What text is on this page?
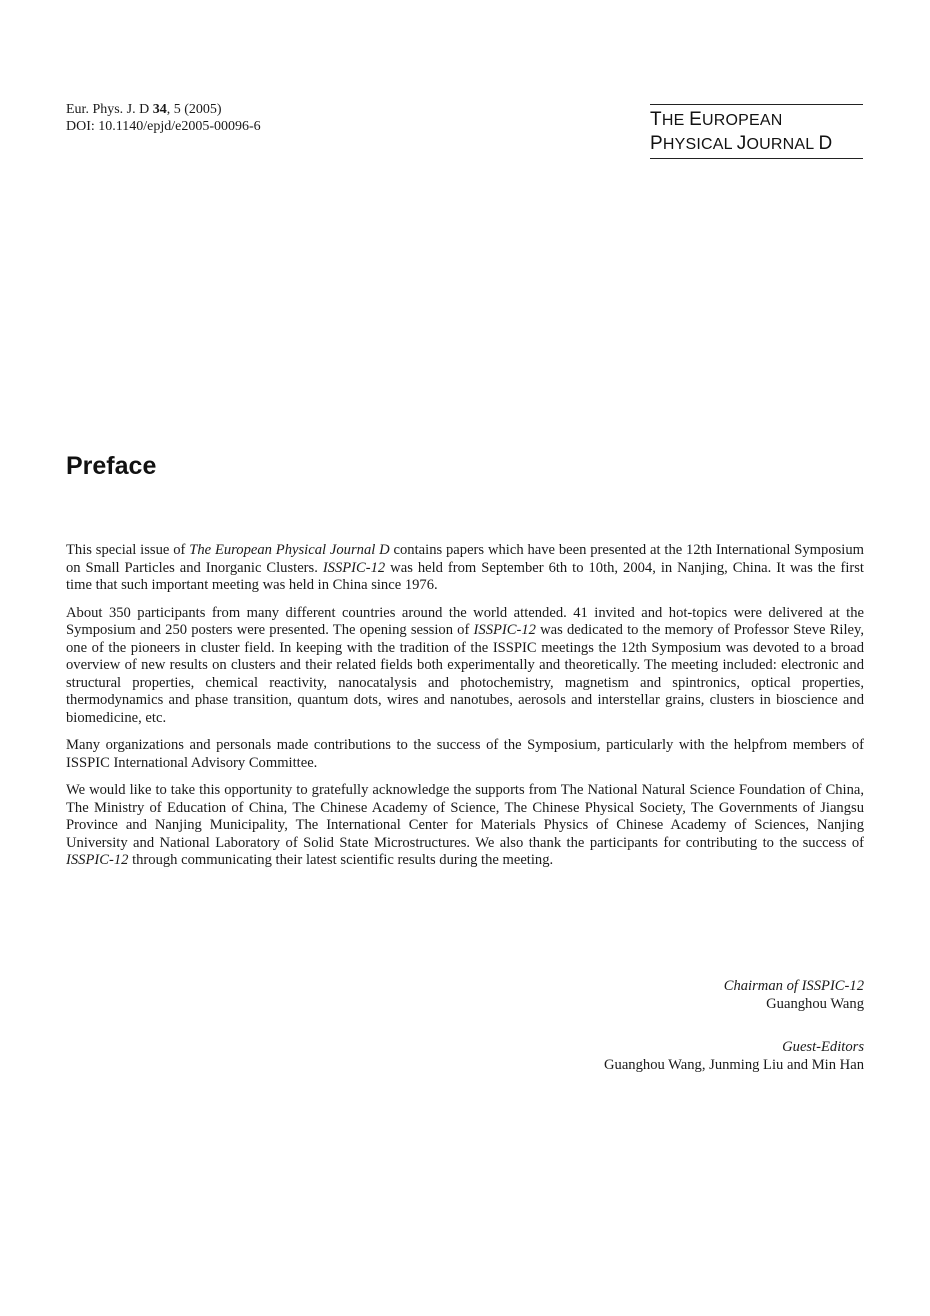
Eur. Phys. J. D 34, 5 (2005)
DOI: 10.1140/epjd/e2005-00096-6	THE EUROPEAN
PHYSICAL JOURNAL D
Preface

This special issue of The European Physical Journal D contains papers which have been presented at the 12th International Symposium on Small Particles and Inorganic Clusters. ISSPIC-12 was held from September 6th to 10th, 2004, in Nanjing, China. It was the first time that such important meeting was held in China since 1976.

About 350 participants from many different countries around the world attended. 41 invited and hot-topics were delivered at the Symposium and 250 posters were presented. The opening session of ISSPIC-12 was dedicated to the memory of Professor Steve Riley, one of the pioneers in cluster field. In keeping with the tradition of the ISSPIC meetings the 12th Symposium was devoted to a broad overview of new results on clusters and their related fields both experimentally and theoretically. The meeting included: electronic and structural properties, chemical reactivity, nanocatalysis and photochemistry, magnetism and spintronics, optical properties, thermodynamics and phase transition, quantum dots, wires and nanotubes, aerosols and interstellar grains, clusters in bioscience and biomedicine, etc.

Many organizations and personals made contributions to the success of the Symposium, particularly with the helpfrom members of ISSPIC International Advisory Committee.

We would like to take this opportunity to gratefully acknowledge the supports from The National Natural Science Foundation of China, The Ministry of Education of China, The Chinese Academy of Science, The Chinese Physical Society, The Governments of Jiangsu Province and Nanjing Municipality, The International Center for Materials Physics of Chinese Academy of Sciences, Nanjing University and National Laboratory of Solid State Microstructures. We also thank the participants for contributing to the success of ISSPIC-12 through communicating their latest scientific results during the meeting.

Chairman of ISSPIC-12
Guanghou Wang
Guest-Editors
Guanghou Wang, Junming Liu and Min Han
